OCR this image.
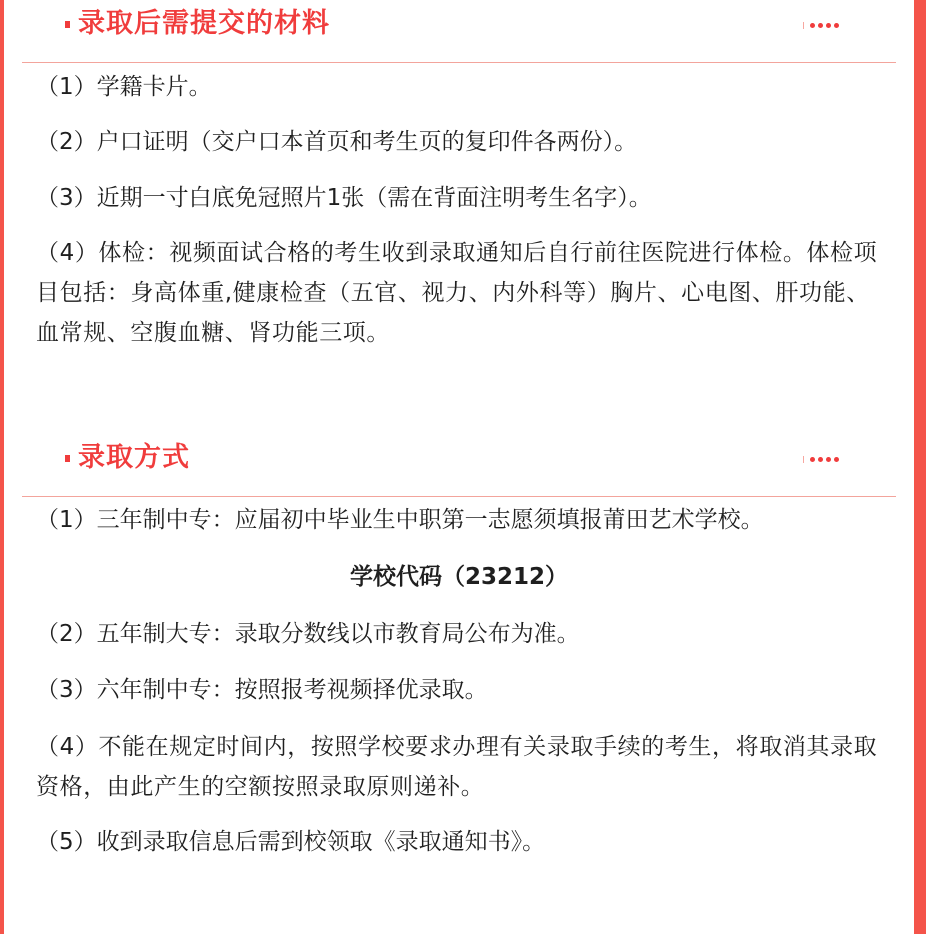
录取后需提交的材料
（1）学籍卡片。
（2）户口证明（交户口本首页和考生页的复印件各两份）。
（3）近期一寸白底免冠照片1张（需在背面注明考生名字）。
（4）体检：视频面试合格的考生收到录取通知后自行前往医院进行体检。体检项目包括：身高体重,健康检查（五官、视力、内外科等）胸片、心电图、肝功能、血常规、空腹血糖、肾功能三项。
录取方式
（1）三年制中专：应届初中毕业生中职第一志愿须填报莆田艺术学校。
学校代码（23212）
（2）五年制大专：录取分数线以市教育局公布为准。
（3）六年制中专：按照报考视频择优录取。
（4）不能在规定时间内，按照学校要求办理有关录取手续的考生，将取消其录取资格，由此产生的空额按照录取原则递补。
（5）收到录取信息后需到校领取《录取通知书》。
